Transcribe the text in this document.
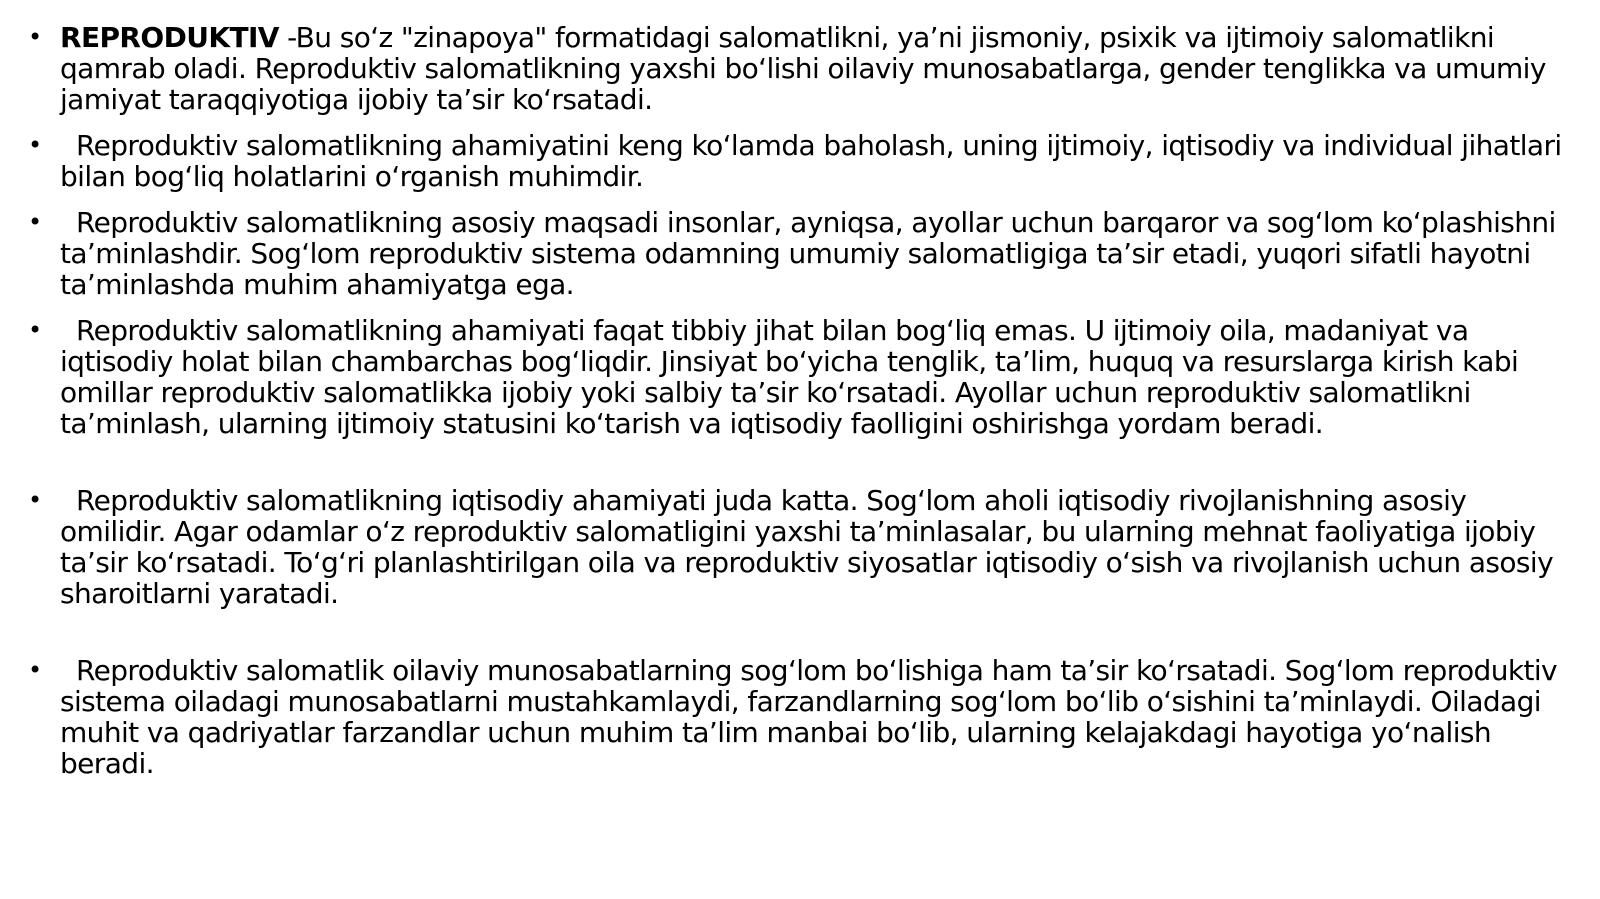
• REPRODUKTIV -Bu so‘z "zinapoya" formatidagi salomatlikni, ya’ni jismoniy, psixik va ijtimoiy salomatlikni qamrab oladi. Reproduktiv salomatlikning yaxshi bo‘lishi oilaviy munosabatlarga, gender tenglikka va umumiy jamiyat taraqqiyotiga ijobiy ta’sir ko‘rsatadi.
• Reproduktiv salomatlikning ahamiyatini keng ko‘lamda baholash, uning ijtimoiy, iqtisodiy va individual jihatlari bilan bog‘liq holatlarini o‘rganish muhimdir.
• Reproduktiv salomatlikning asosiy maqsadi insonlar, ayniqsa, ayollar uchun barqaror va sog‘lom ko‘plashishni ta’minlashdir. Sog‘lom reproduktiv sistema odamning umumiy salomatligiga ta’sir etadi, yuqori sifatli hayotni ta’minlashda muhim ahamiyatga ega.
• Reproduktiv salomatlikning ahamiyati faqat tibbiy jihat bilan bog‘liq emas. U ijtimoiy oila, madaniyat va iqtisodiy holat bilan chambarchas bog‘liqdir. Jinsiyat bo‘yicha tenglik, ta’lim, huquq va resurslarga kirish kabi omillar reproduktiv salomatlikka ijobiy yoki salbiy ta’sir ko‘rsatadi. Ayollar uchun reproduktiv salomatlikni ta’minlash, ularning ijtimoiy statusini ko‘tarish va iqtisodiy faolligini oshirishga yordam beradi.
• Reproduktiv salomatlikning iqtisodiy ahamiyati juda katta. Sog‘lom aholi iqtisodiy rivojlanishning asosiy omilidir. Agar odamlar o‘z reproduktiv salomatligini yaxshi ta’minlasalar, bu ularning mehnat faoliyatiga ijobiy ta’sir ko‘rsatadi. To‘g‘ri planlashtirilgan oila va reproduktiv siyosatlar iqtisodiy o‘sish va rivojlanish uchun asosiy sharoitlarni yaratadi.
• Reproduktiv salomatlik oilaviy munosabatlarning sog‘lom bo‘lishiga ham ta’sir ko‘rsatadi. Sog‘lom reproduktiv sistema oiladagi munosabatlarni mustahkamlaydi, farzandlarning sog‘lom bo‘lib o‘sishini ta’minlaydi. Oiladagi muhit va qadriyatlar farzandlar uchun muhim ta’lim manbai bo‘lib, ularning kelajakdagi hayotiga yo‘nalish beradi.
